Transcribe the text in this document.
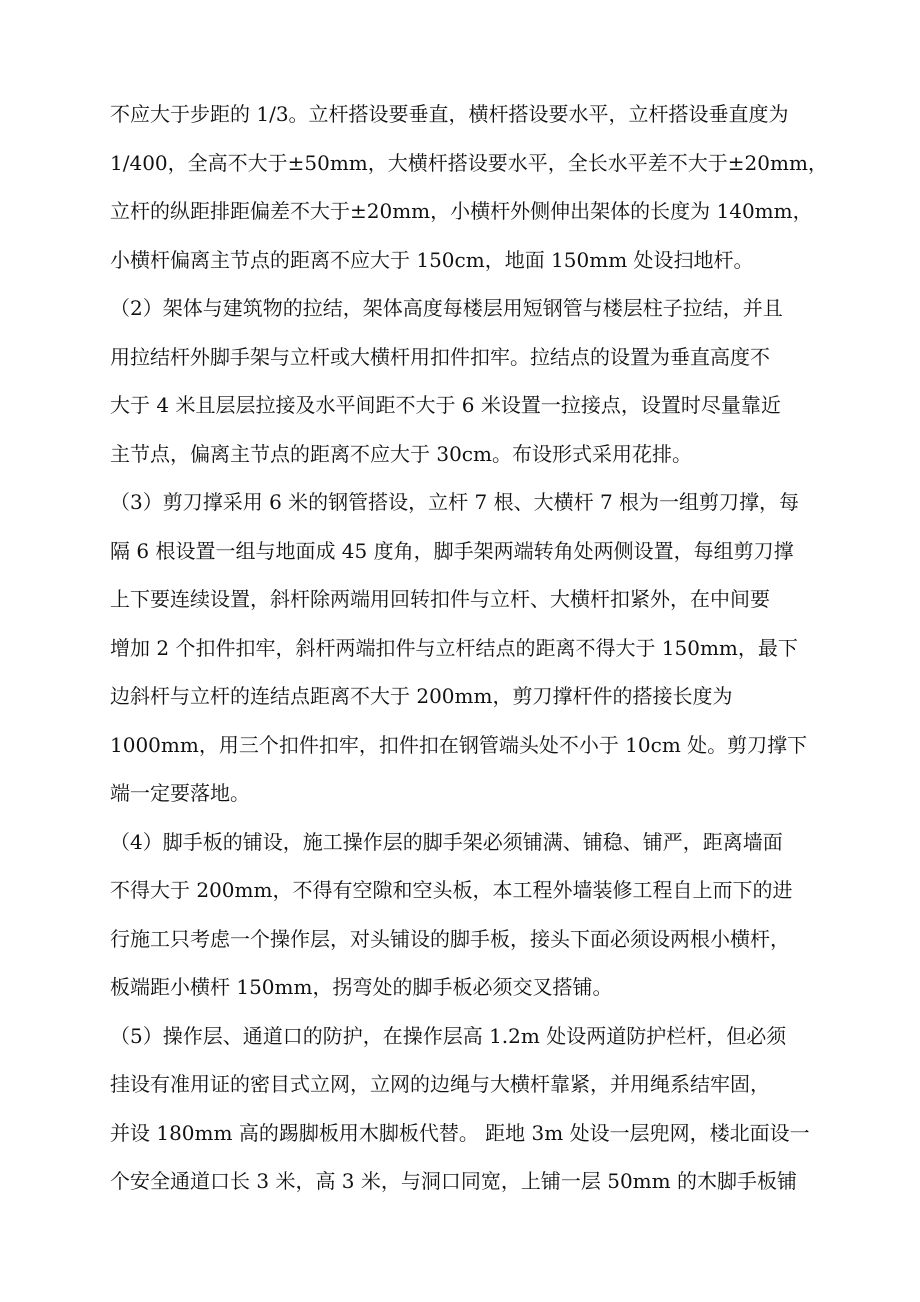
不应大于步距的 1/3。立杆搭设要垂直，横杆搭设要水平，立杆搭设垂直度为
1/400，全高不大于±50mm，大横杆搭设要水平，全长水平差不大于±20mm，
立杆的纵距排距偏差不大于±20mm，小横杆外侧伸出架体的长度为 140mm，
小横杆偏离主节点的距离不应大于 150cm，地面 150mm 处设扫地杆。
（2）架体与建筑物的拉结，架体高度每楼层用短钢管与楼层柱子拉结，并且
用拉结杆外脚手架与立杆或大横杆用扣件扣牢。拉结点的设置为垂直高度不
大于 4 米且层层拉接及水平间距不大于 6 米设置一拉接点，设置时尽量靠近
主节点，偏离主节点的距离不应大于 30cm。布设形式采用花排。
（3）剪刀撑采用 6 米的钢管搭设，立杆 7 根、大横杆 7 根为一组剪刀撑，每
隔 6 根设置一组与地面成 45 度角，脚手架两端转角处两侧设置，每组剪刀撑
上下要连续设置，斜杆除两端用回转扣件与立杆、大横杆扣紧外，在中间要
增加 2 个扣件扣牢，斜杆两端扣件与立杆结点的距离不得大于 150mm，最下
边斜杆与立杆的连结点距离不大于 200mm，剪刀撑杆件的搭接长度为
1000mm，用三个扣件扣牢，扣件扣在钢管端头处不小于 10cm 处。剪刀撑下
端一定要落地。
（4）脚手板的铺设，施工操作层的脚手架必须铺满、铺稳、铺严，距离墙面
不得大于 200mm，不得有空隙和空头板，本工程外墙装修工程自上而下的进
行施工只考虑一个操作层，对头铺设的脚手板，接头下面必须设两根小横杆，
板端距小横杆 150mm，拐弯处的脚手板必须交叉搭铺。
（5）操作层、通道口的防护，在操作层高 1.2m 处设两道防护栏杆，但必须
挂设有准用证的密目式立网，立网的边绳与大横杆靠紧，并用绳系结牢固，
并设 180mm 高的踢脚板用木脚板代替。 距地 3m 处设一层兜网，楼北面设一
个安全通道口长 3 米，高 3 米，与洞口同宽，上铺一层 50mm 的木脚手板铺
